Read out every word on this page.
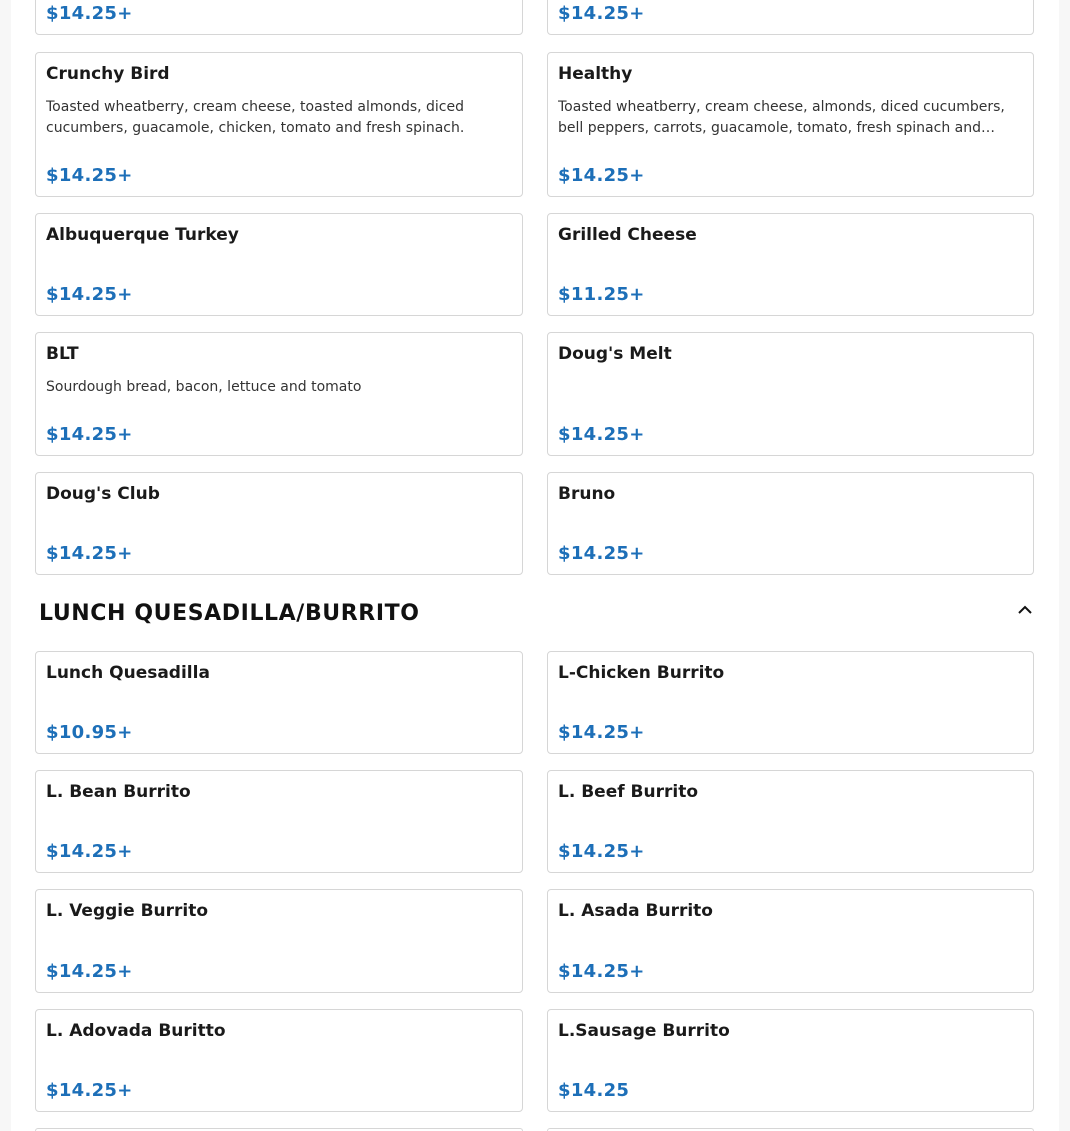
$14.25+	$14.25+
Crunchy Bird
Toasted wheatberry, cream cheese, toasted almonds, diced cucumbers, guacamole, chicken, tomato and fresh spinach.
$14.25+
Healthy
Toasted wheatberry, cream cheese, almonds, diced cucumbers, bell peppers, carrots, guacamole, tomato, fresh spinach and…
$14.25+
Albuquerque Turkey
$14.25+
Grilled Cheese
$11.25+
BLT
Sourdough bread, bacon, lettuce and tomato
$14.25+
Doug's Melt
$14.25+
Doug's Club
$14.25+
Bruno
$14.25+
LUNCH QUESADILLA/BURRITO
Lunch Quesadilla
$10.95+
L-Chicken Burrito
$14.25+
L. Bean Burrito
$14.25+
L. Beef Burrito
$14.25+
L. Veggie Burrito
$14.25+
L. Asada Burrito
$14.25+
L. Adovada Buritto
$14.25+
L.Sausage Burrito
$14.25
